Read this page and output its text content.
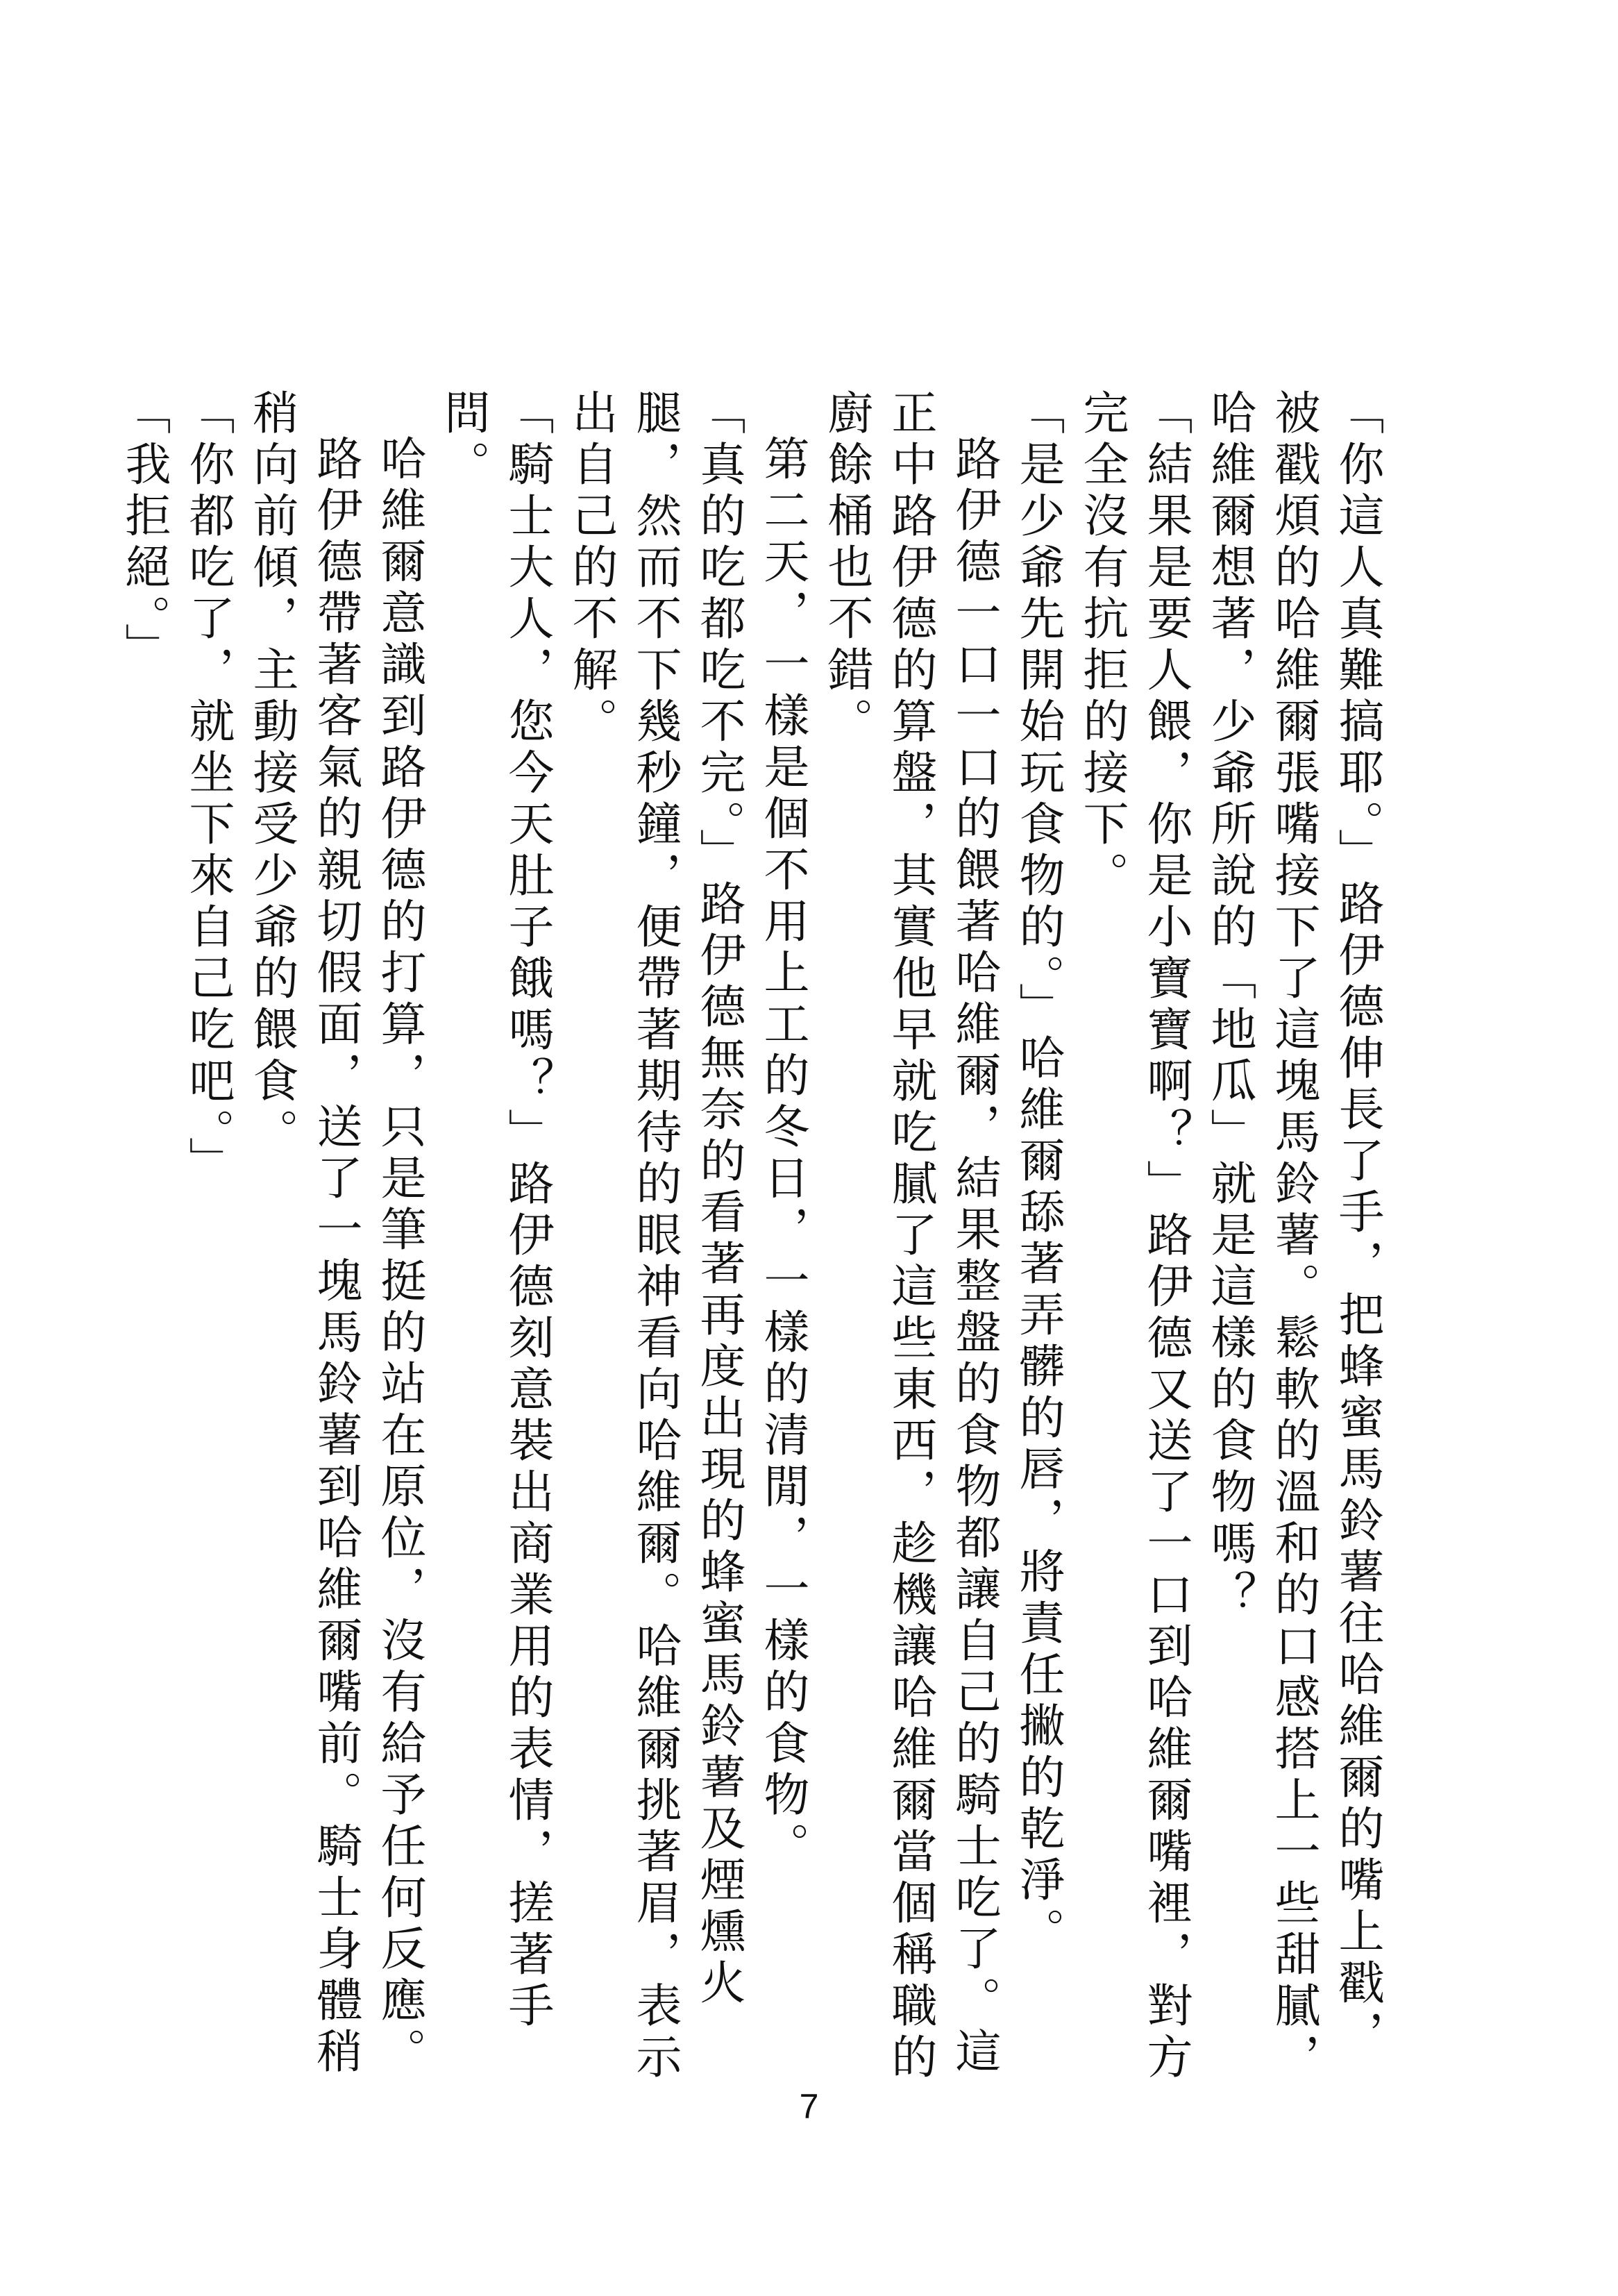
「你這人真難搞耶。」路伊德伸長了手，把蜂蜜馬鈴薯往哈維爾的嘴上戳，被戳煩的哈維爾張嘴接下了這塊馬鈴薯。鬆軟的溫和的口感搭上一些甜膩，哈維爾想著，少爺所說的「地瓜」就是這樣的食物嗎？

「結果是要人餵，你是小寶寶啊？」路伊德又送了一口到哈維爾嘴裡，對方完全沒有抗拒的接下。

「是少爺先開始玩食物的。」哈維爾舔著弄髒的唇，將責任撇的乾淨。

路伊德一口一口的餵著哈維爾，結果整盤的食物都讓自己的騎士吃了。這正中路伊德的算盤，其實他早就吃膩了這些東西，趁機讓哈維爾當個稱職的廚餘桶也不錯。

第二天，一樣是個不用上工的冬日，一樣的清閒，一樣的食物。

「真的吃都吃不完。」路伊德無奈的看著再度出現的蜂蜜馬鈴薯及煙燻火腿，然而不下幾秒鐘，便帶著期待的眼神看向哈維爾。哈維爾挑著眉，表示出自己的不解。

「騎士大人，您今天肚子餓嗎？」路伊德刻意裝出商業用的表情，搓著手問。

哈維爾意識到路伊德的打算，只是筆挺的站在原位，沒有給予任何反應。

路伊德帶著客氣的親切假面，送了一塊馬鈴薯到哈維爾嘴前。騎士身體稍稍向前傾，主動接受少爺的餵食。

「你都吃了，就坐下來自己吃吧。」

「我拒絕。」

7
